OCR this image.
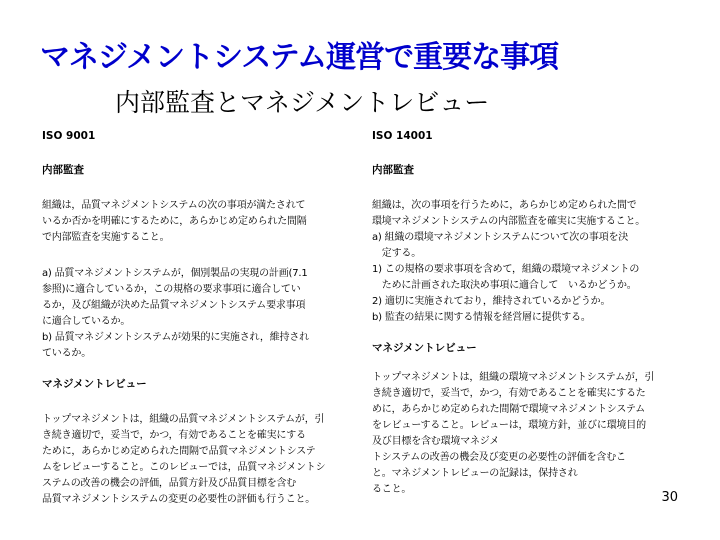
マネジメントシステム運営で重要な事項
内部監査とマネジメントレビュー
ISO 9001
内部監査
組織は，品質マネジメントシステムの次の事項が満たされて
いるか否かを明確にするために，あらかじめ定められた間隔
で内部監査を実施すること。
a) 品質マネジメントシステムが，個別製品の実現の計画(7.1
参照)に適合しているか，この規格の要求事項に適合してい
るか，及び組織が決めた品質マネジメントシステム要求事項
に適合しているか。
b) 品質マネジメントシステムが効果的に実施され，維持され
ているか。
マネジメントレビュー
トップマネジメントは，組織の品質マネジメントシステムが，引
き続き適切で，妥当で，かつ，有効であることを確実にする
ために，あらかじめ定められた間隔で品質マネジメントシステ
ムをレビューすること。このレビューでは，品質マネジメントシ
ステムの改善の機会の評価，品質方針及び品質目標を含む
品質マネジメントシステムの変更の必要性の評価も行うこと。
ISO 14001
内部監査
組織は，次の事項を行うために，あらかじめ定められた間で
環境マネジメントシステムの内部監査を確実に実施すること。
a) 組織の環境マネジメントシステムについて次の事項を決
　定する。
1) この規格の要求事項を含めて，組織の環境マネジメントの
　ために計画された取決め事項に適合して　いるかどうか。
2) 適切に実施されており，維持されているかどうか。
b) 監査の結果に関する情報を経営層に提供する。
マネジメントレビュー
トップマネジメントは，組織の環境マネジメントシステムが，引
き続き適切で，妥当で，かつ，有効であることを確実にするた
めに，あらかじめ定められた間隔で環境マネジメントシステム
をレビューすること。レビューは，環境方針，並びに環境目的
及び目標を含む環境マネジメ
トシステムの改善の機会及び変更の必要性の評価を含むこ
と。マネジメントレビューの記録は，保持され
ること。
30
